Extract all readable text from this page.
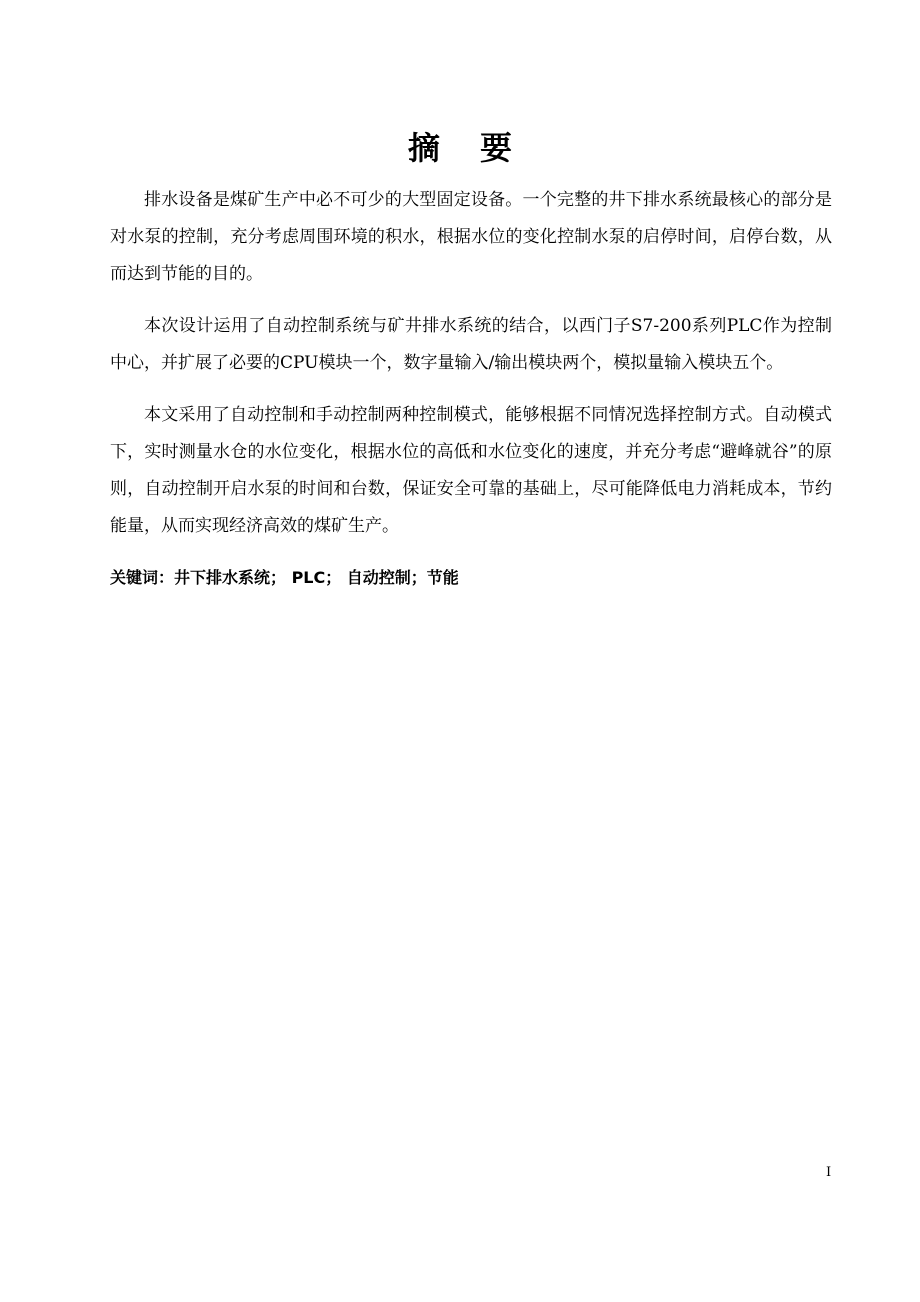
摘 要

排水设备是煤矿生产中必不可少的大型固定设备。一个完整的井下排水系统最核心的部分是对水泵的控制，充分考虑周围环境的积水，根据水位的变化控制水泵的启停时间，启停台数，从而达到节能的目的。

本次设计运用了自动控制系统与矿井排水系统的结合，以西门子S7-200系列PLC作为控制中心，并扩展了必要的CPU模块一个，数字量输入/输出模块两个，模拟量输入模块五个。

本文采用了自动控制和手动控制两种控制模式，能够根据不同情况选择控制方式。自动模式下，实时测量水仓的水位变化，根据水位的高低和水位变化的速度，并充分考虑“避峰就谷”的原则，自动控制开启水泵的时间和台数，保证安全可靠的基础上，尽可能降低电力消耗成本，节约能量，从而实现经济高效的煤矿生产。

关键词：井下排水系统； PLC； 自动控制；节能

I
